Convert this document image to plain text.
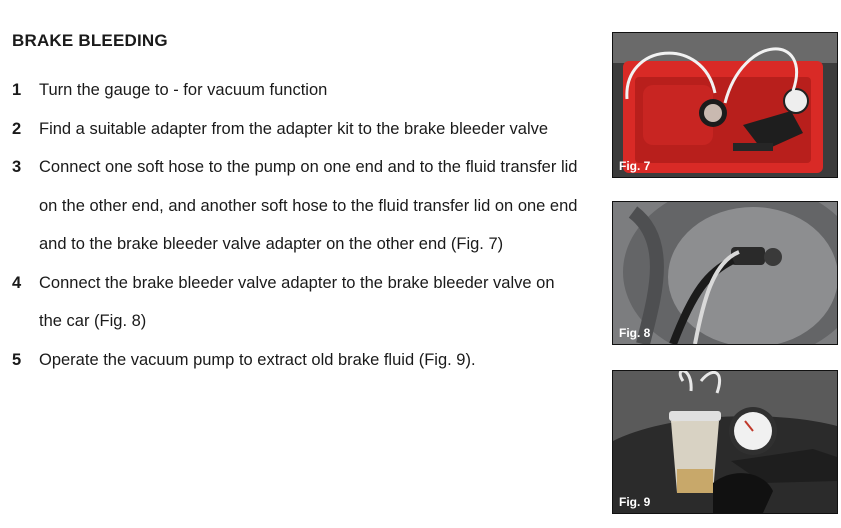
BRAKE BLEEDING
1 Turn the gauge to - for vacuum function
2 Find a suitable adapter from the adapter kit to the brake bleeder valve
3 Connect one soft hose to the pump on one end and to the fluid transfer lid on the other end, and another soft hose to the fluid transfer lid on one end and to the brake bleeder valve adapter on the other end (Fig. 7)
4 Connect the brake bleeder valve adapter to the brake bleeder valve on the car (Fig. 8)
5 Operate the vacuum pump to extract old brake fluid (Fig. 9).
Fig. 7
Fig. 8
Fig. 9
